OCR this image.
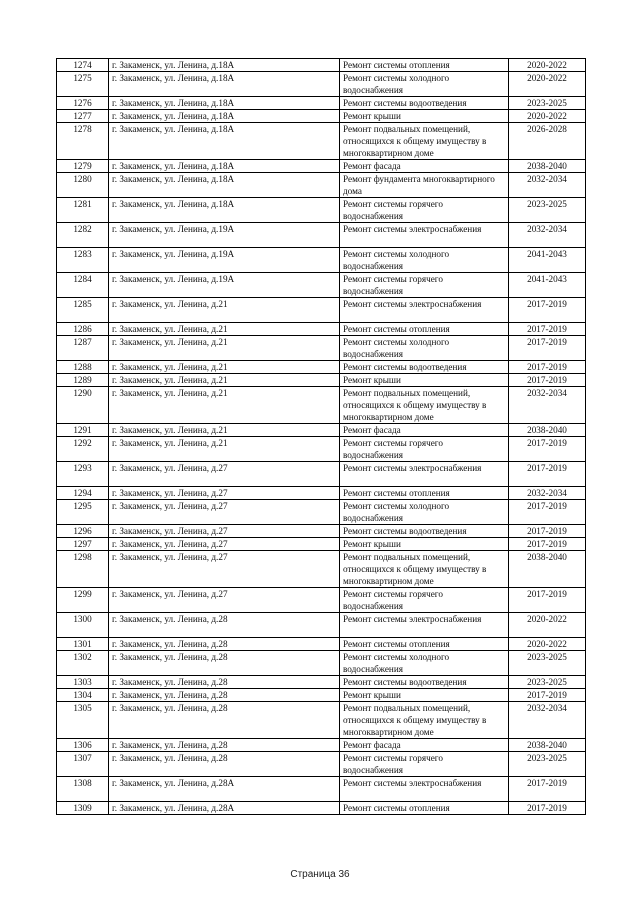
1274	г. Закаменск, ул. Ленина, д.18А	Ремонт системы отопления	2020-2022
1275	г. Закаменск, ул. Ленина, д.18А	Ремонт системы холодного
водоснабжения	2020-2022
1276	г. Закаменск, ул. Ленина, д.18А	Ремонт системы водоотведения	2023-2025
1277	г. Закаменск, ул. Ленина, д.18А	Ремонт крыши	2020-2022
1278	г. Закаменск, ул. Ленина, д.18А	Ремонт подвальных помещений,
относящихся к общему имуществу в
многоквартирном доме	2026-2028
1279	г. Закаменск, ул. Ленина, д.18А	Ремонт фасада	2038-2040
1280	г. Закаменск, ул. Ленина, д.18А	Ремонт фундамента многоквартирного
дома	2032-2034
1281	г. Закаменск, ул. Ленина, д.18А	Ремонт системы горячего
водоснабжения	2023-2025
1282	г. Закаменск, ул. Ленина, д.19А	Ремонт системы электроснабжения	2032-2034
1283	г. Закаменск, ул. Ленина, д.19А	Ремонт системы холодного
водоснабжения	2041-2043
1284	г. Закаменск, ул. Ленина, д.19А	Ремонт системы горячего
водоснабжения	2041-2043
1285	г. Закаменск, ул. Ленина, д.21	Ремонт системы электроснабжения	2017-2019
1286	г. Закаменск, ул. Ленина, д.21	Ремонт системы отопления	2017-2019
1287	г. Закаменск, ул. Ленина, д.21	Ремонт системы холодного
водоснабжения	2017-2019
1288	г. Закаменск, ул. Ленина, д.21	Ремонт системы водоотведения	2017-2019
1289	г. Закаменск, ул. Ленина, д.21	Ремонт крыши	2017-2019
1290	г. Закаменск, ул. Ленина, д.21	Ремонт подвальных помещений,
относящихся к общему имуществу в
многоквартирном доме	2032-2034
1291	г. Закаменск, ул. Ленина, д.21	Ремонт фасада	2038-2040
1292	г. Закаменск, ул. Ленина, д.21	Ремонт системы горячего
водоснабжения	2017-2019
1293	г. Закаменск, ул. Ленина, д.27	Ремонт системы электроснабжения	2017-2019
1294	г. Закаменск, ул. Ленина, д.27	Ремонт системы отопления	2032-2034
1295	г. Закаменск, ул. Ленина, д.27	Ремонт системы холодного
водоснабжения	2017-2019
1296	г. Закаменск, ул. Ленина, д.27	Ремонт системы водоотведения	2017-2019
1297	г. Закаменск, ул. Ленина, д.27	Ремонт крыши	2017-2019
1298	г. Закаменск, ул. Ленина, д.27	Ремонт подвальных помещений,
относящихся к общему имуществу в
многоквартирном доме	2038-2040
1299	г. Закаменск, ул. Ленина, д.27	Ремонт системы горячего
водоснабжения	2017-2019
1300	г. Закаменск, ул. Ленина, д.28	Ремонт системы электроснабжения	2020-2022
1301	г. Закаменск, ул. Ленина, д.28	Ремонт системы отопления	2020-2022
1302	г. Закаменск, ул. Ленина, д.28	Ремонт системы холодного
водоснабжения	2023-2025
1303	г. Закаменск, ул. Ленина, д.28	Ремонт системы водоотведения	2023-2025
1304	г. Закаменск, ул. Ленина, д.28	Ремонт крыши	2017-2019
1305	г. Закаменск, ул. Ленина, д.28	Ремонт подвальных помещений,
относящихся к общему имуществу в
многоквартирном доме	2032-2034
1306	г. Закаменск, ул. Ленина, д.28	Ремонт фасада	2038-2040
1307	г. Закаменск, ул. Ленина, д.28	Ремонт системы горячего
водоснабжения	2023-2025
1308	г. Закаменск, ул. Ленина, д.28А	Ремонт системы электроснабжения	2017-2019
1309	г. Закаменск, ул. Ленина, д.28А	Ремонт системы отопления	2017-2019
Страница 36
